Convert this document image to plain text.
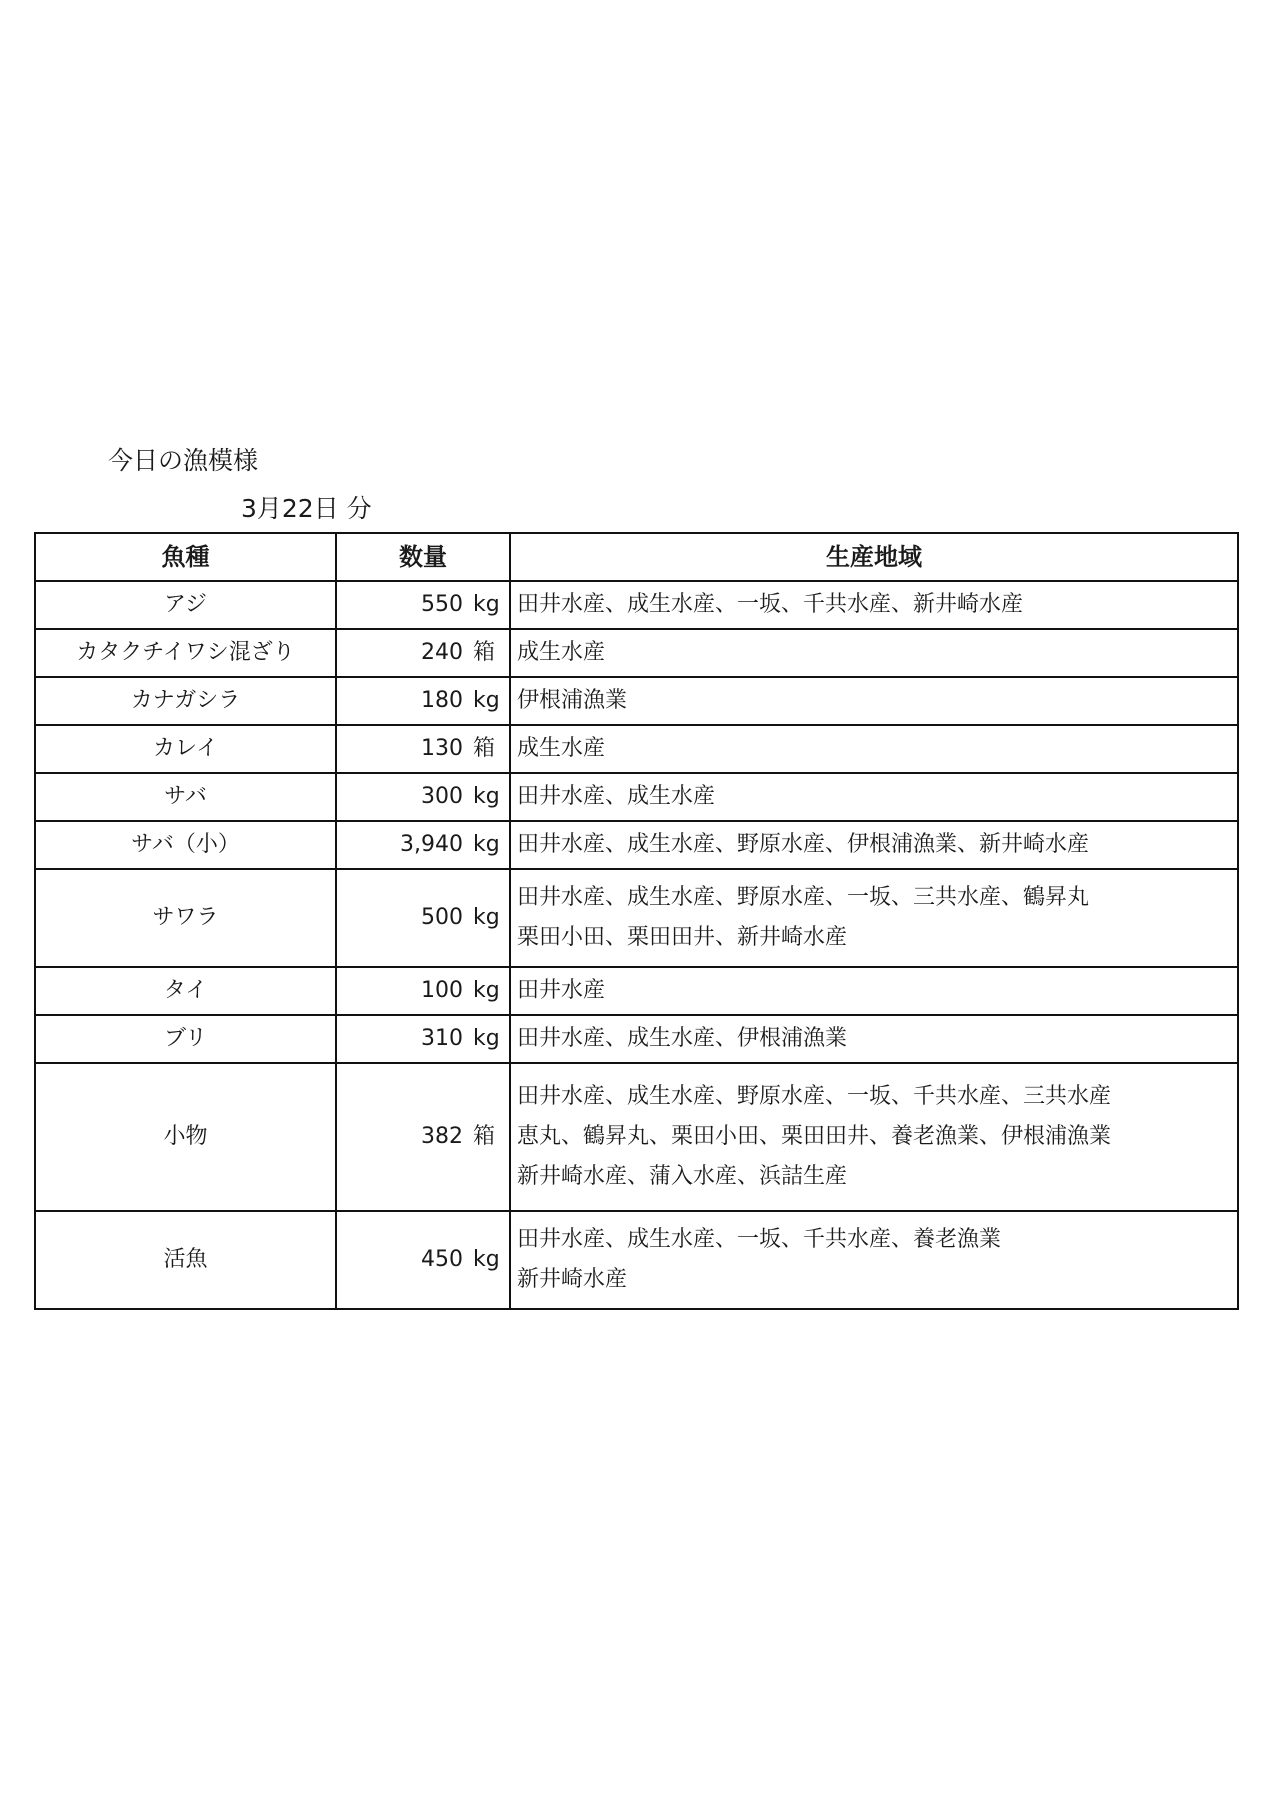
今日の漁模様
3月22日 分
魚種	数量	生産地域
アジ	550 kg	田井水産、成生水産、一坂、千共水産、新井崎水産

カタクチイワシ混ざり	240 箱	成生水産

カナガシラ	180 kg	伊根浦漁業

カレイ	130 箱	成生水産

サバ	300 kg	田井水産、成生水産

サバ（小）	3,940 kg	田井水産、成生水産、野原水産、伊根浦漁業、新井崎水産

サワラ	500 kg	田井水産、成生水産、野原水産、一坂、三共水産、鶴昇丸
栗田小田、栗田田井、新井崎水産

タイ	100 kg	田井水産

ブリ	310 kg	田井水産、成生水産、伊根浦漁業

小物	382 箱	田井水産、成生水産、野原水産、一坂、千共水産、三共水産
恵丸、鶴昇丸、栗田小田、栗田田井、養老漁業、伊根浦漁業
新井崎水産、蒲入水産、浜詰生産

活魚	450 kg	田井水産、成生水産、一坂、千共水産、養老漁業
新井崎水産
